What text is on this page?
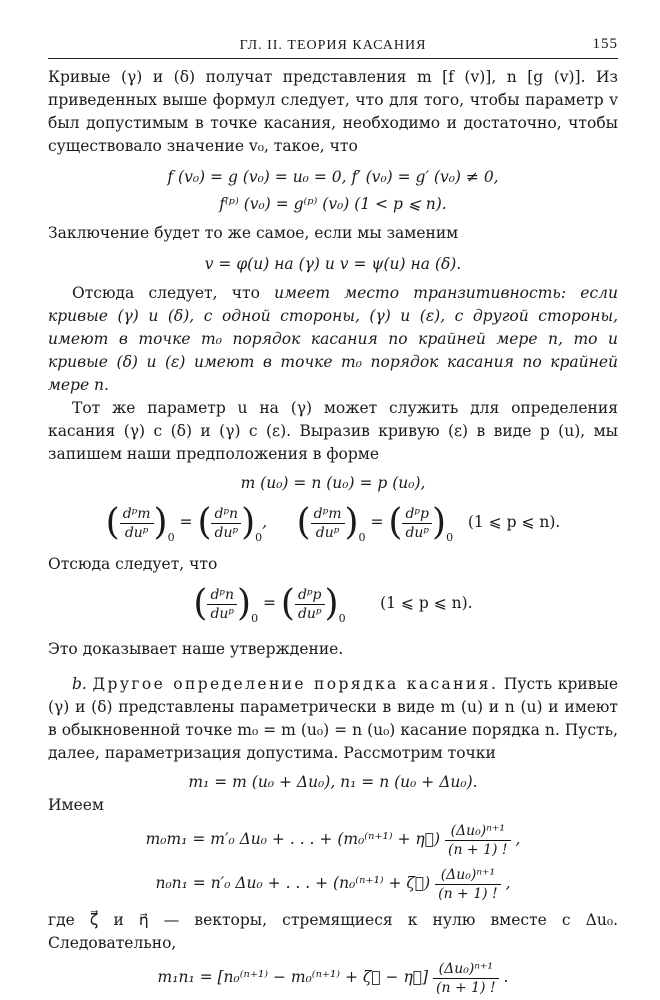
ГЛ. II. ТЕОРИЯ КАСАНИЯ	155

Кривые (γ) и (δ) получат представления m [f (v)], n [g (v)]. Из приведенных выше формул следует, что для того, чтобы параметр v был допустимым в точке касания, необходимо и достаточно, чтобы существовало значение v₀, такое, что

f (v₀) = g (v₀) = u₀ = 0, f′ (v₀) = g′ (v₀) ≠ 0,

f⁽ᵖ⁾ (v₀) = g⁽ᵖ⁾ (v₀) (1 < p ⩽ n).

Заключение будет то же самое, если мы заменим

v = φ(u) на (γ) и v = ψ(u) на (δ).

Отсюда следует, что имеет место транзитивность: если кривые (γ) и (δ), с одной стороны, (γ) и (ε), с другой стороны, имеют в точке m₀ порядок касания по крайней мере n, то и кривые (δ) и (ε) имеют в точке m₀ порядок касания по крайней мере n.

Тот же параметр u на (γ) может служить для определения касания (γ) с (δ) и (γ) с (ε). Выразив кривую (ε) в виде p (u), мы запишем наши предположения в форме

m (u₀) = n (u₀) = p (u₀),

( $\frac{\text{dᵖm}}{\text{duᵖ}} )_0$ = ( $\frac{\text{dᵖn}}{\text{duᵖ}} )_0$,      ( $\frac{\text{dᵖm}}{\text{duᵖ}} )_0$ = ( $\frac{\text{dᵖp}}{\text{duᵖ}} )_0$   (1 ⩽ p ⩽ n).

Отсюда следует, что

( $\frac{\text{dᵖn}}{\text{duᵖ}} )_0$ = ( $\frac{\text{dᵖp}}{\text{duᵖ}} )_0$       (1 ⩽ p ⩽ n).

Это доказывает наше утверждение.

b. Другое определение порядка касания. Пусть кривые (γ) и (δ) представлены параметрически в виде m (u) и n (u) и имеют в обыкновенной точке m₀ = m (u₀) = n (u₀) касание порядка n. Пусть, далее, параметризация допустима. Рассмотрим точки

m₁ = m (u₀ + Δu₀), n₁ = n (u₀ + Δu₀).

Имеем

m₀m₁ = m′₀ Δu₀ + . . . + (m₀⁽ⁿ⁺¹⁾ + η⃗) $\frac{\text{(Δu₀)ⁿ⁺¹}}{(n + 1) !}$ ,
n₀n₁ = n′₀ Δu₀ + . . . + (n₀⁽ⁿ⁺¹⁾ + ζ⃗) $\frac{\text{(Δu₀)ⁿ⁺¹}}{(n + 1) !}$ ,

где ζ⃗ и η⃗ — векторы, стремящиеся к нулю вместе с Δu₀. Следовательно,

m₁n₁ = [n₀⁽ⁿ⁺¹⁾ − m₀⁽ⁿ⁺¹⁾ + ζ⃗ − η⃗] $\frac{\text{(Δu₀)ⁿ⁺¹}}{(n + 1) !}$ .
